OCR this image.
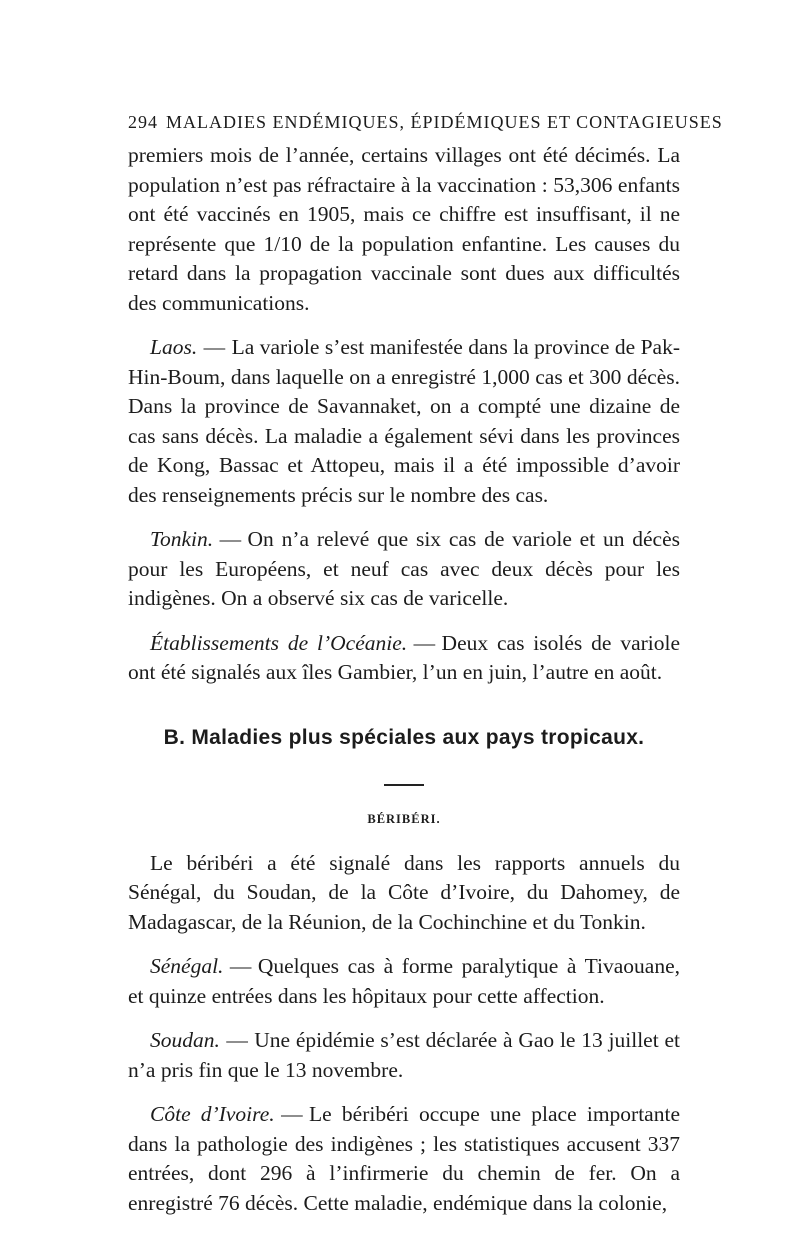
294 MALADIES ENDÉMIQUES, ÉPIDÉMIQUES ET CONTAGIEUSES

premiers mois de l’année, certains villages ont été décimés. La population n’est pas réfractaire à la vaccination : 53,306 enfants ont été vaccinés en 1905, mais ce chiffre est insuffisant, il ne représente que 1/10 de la population enfantine. Les causes du retard dans la propagation vaccinale sont dues aux difficultés des communications.

Laos. — La variole s’est manifestée dans la province de Pak-Hin-Boum, dans laquelle on a enregistré 1,000 cas et 300 décès. Dans la province de Savannaket, on a compté une dizaine de cas sans décès. La maladie a également sévi dans les provinces de Kong, Bassac et Attopeu, mais il a été impossible d’avoir des renseignements précis sur le nombre des cas.

Tonkin. — On n’a relevé que six cas de variole et un décès pour les Européens, et neuf cas avec deux décès pour les indigènes. On a observé six cas de varicelle.

Établissements de l’Océanie. — Deux cas isolés de variole ont été signalés aux îles Gambier, l’un en juin, l’autre en août.

B. Maladies plus spéciales aux pays tropicaux.
BÉRIBÉRI.

Le béribéri a été signalé dans les rapports annuels du Sénégal, du Soudan, de la Côte d’Ivoire, du Dahomey, de Madagascar, de la Réunion, de la Cochinchine et du Tonkin.

Sénégal. — Quelques cas à forme paralytique à Tivaouane, et quinze entrées dans les hôpitaux pour cette affection.

Soudan. — Une épidémie s’est déclarée à Gao le 13 juillet et n’a pris fin que le 13 novembre.

Côte d’Ivoire. — Le béribéri occupe une place importante dans la pathologie des indigènes ; les statistiques accusent 337 entrées, dont 296 à l’infirmerie du chemin de fer. On a enregistré 76 décès. Cette maladie, endémique dans la colonie,
